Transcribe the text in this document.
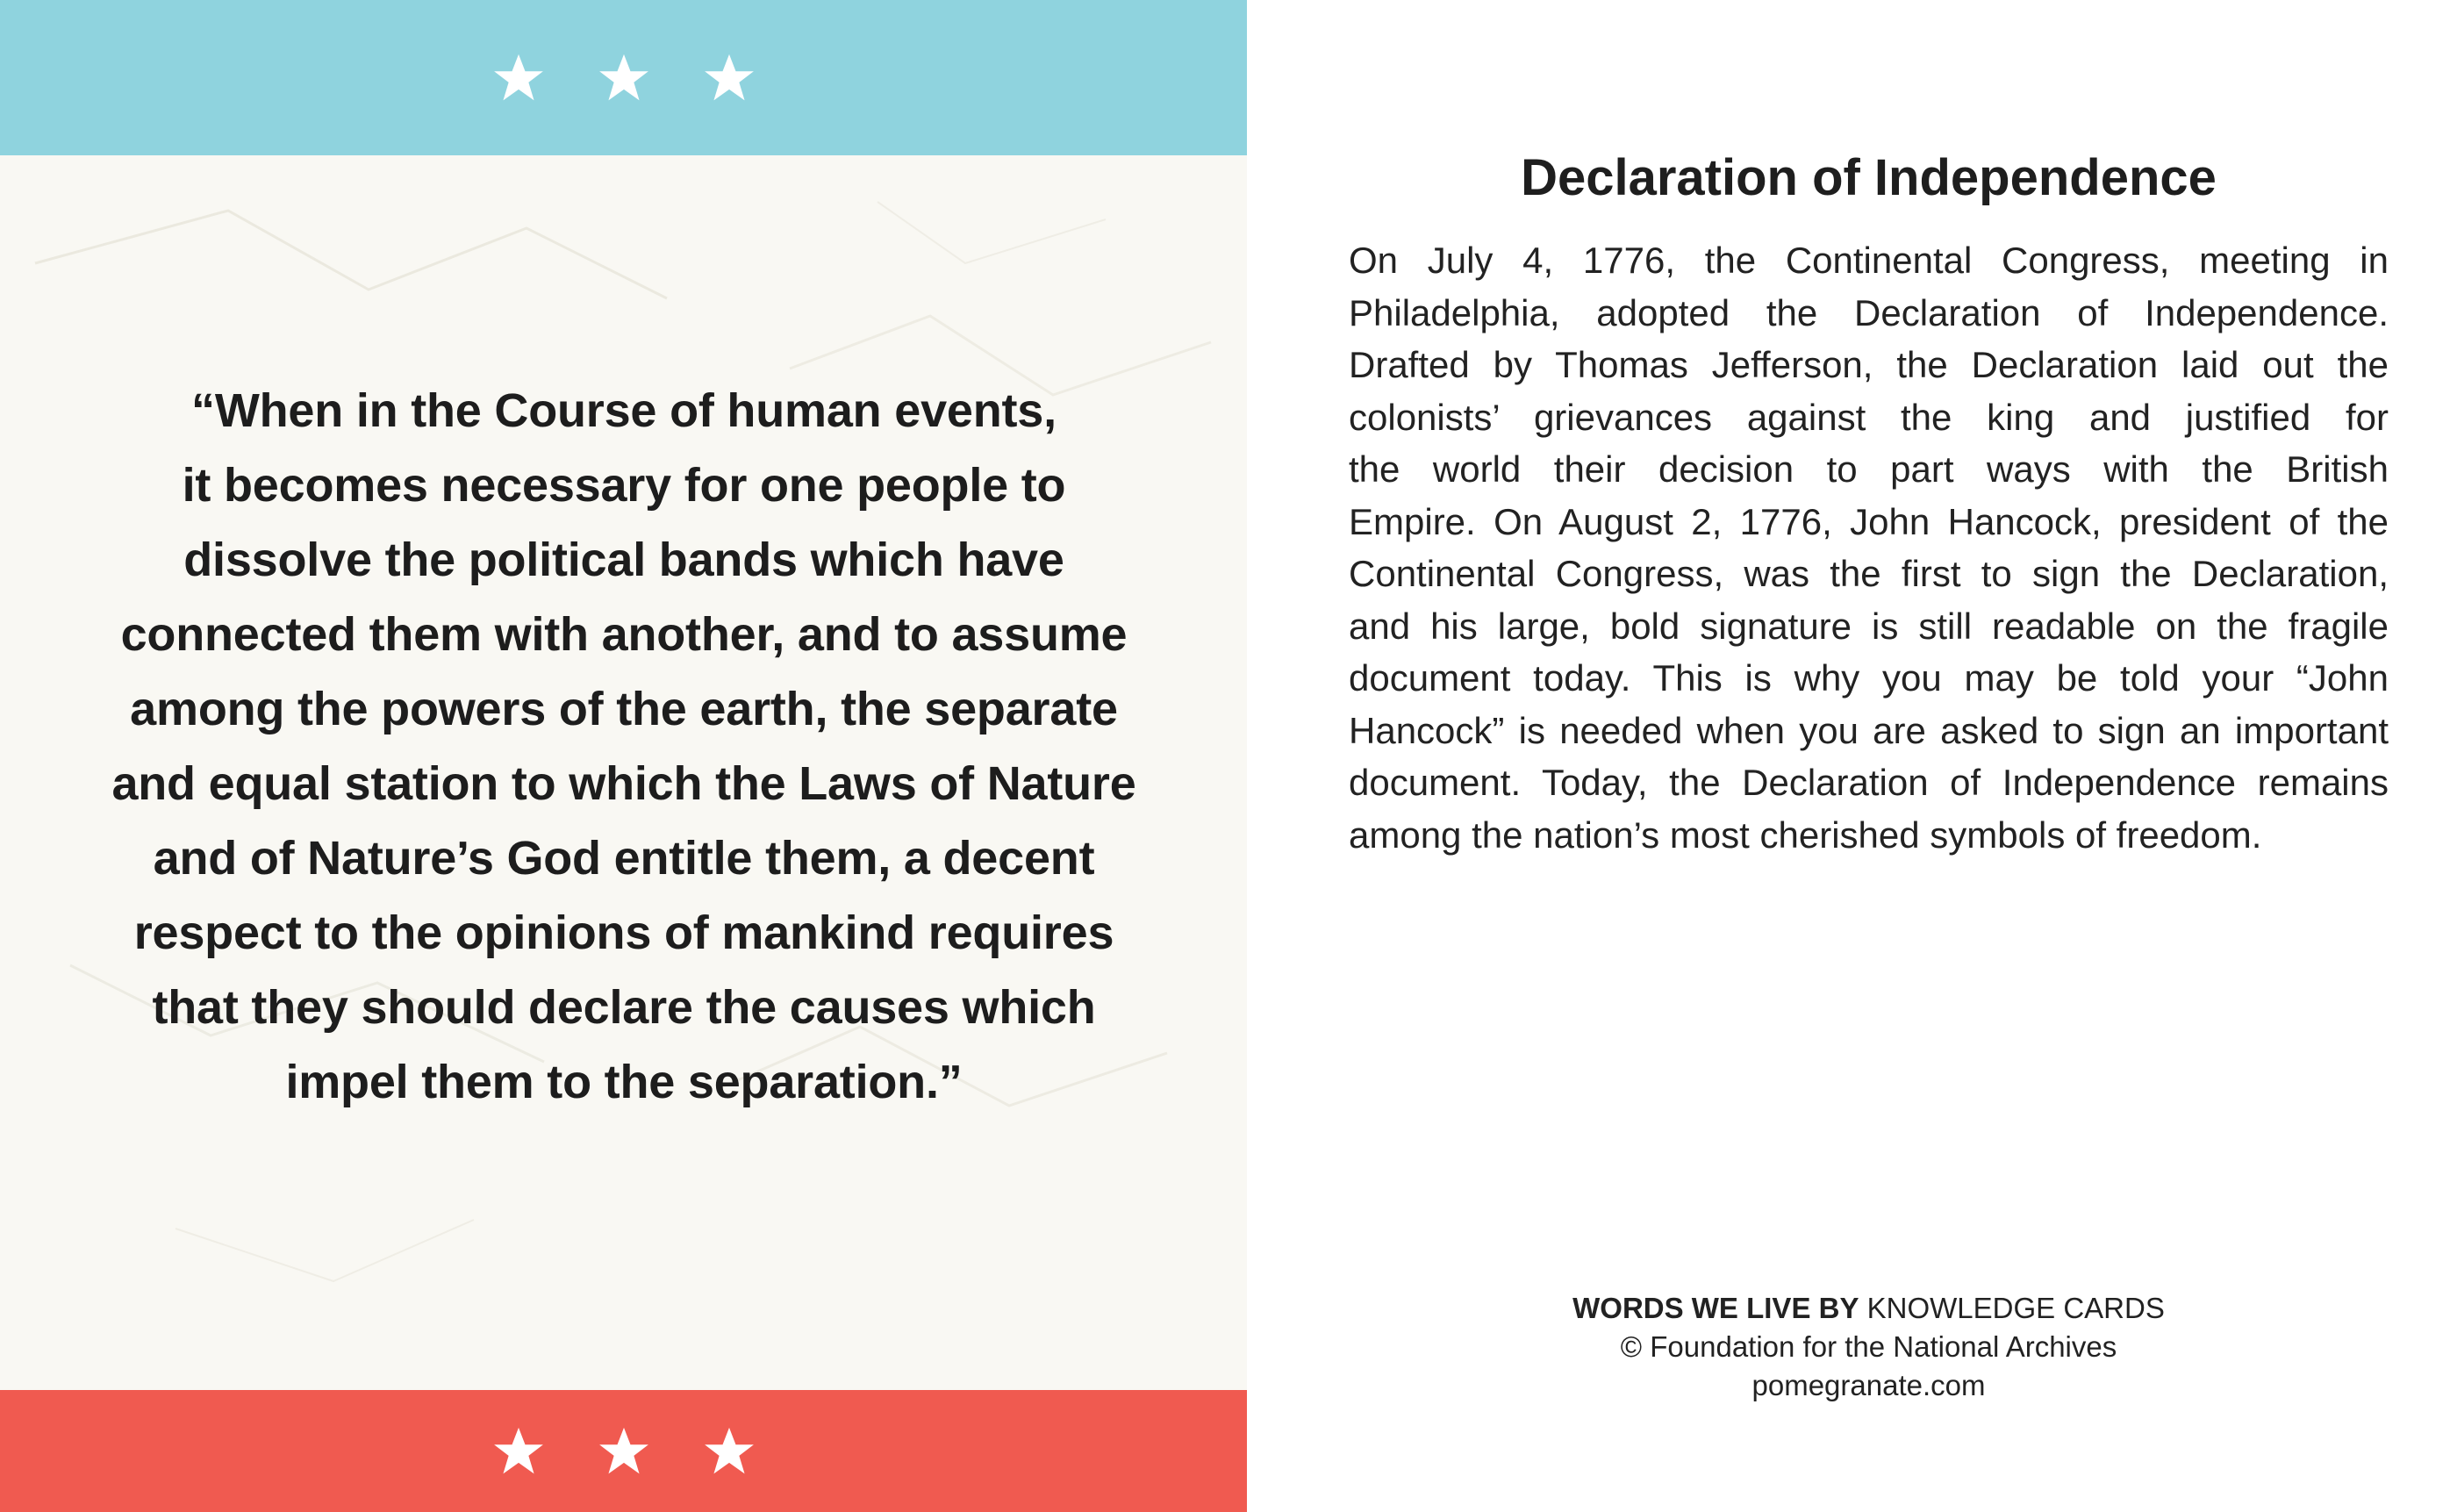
“When in the Course of human events,
it becomes necessary for one people to
dissolve the political bands which have
connected them with another, and to assume
among the powers of the earth, the separate
and equal station to which the Laws of Nature
and of Nature’s God entitle them, a decent
respect to the opinions of mankind requires
that they should declare the causes which
impel them to the separation.”

Declaration of Independence

On July 4, 1776, the Continental Congress, meeting in
Philadelphia, adopted the Declaration of Independence.
Drafted by Thomas Jefferson, the Declaration laid out the
colonists’ grievances against the king and justified for
the world their decision to part ways with the British
Empire. On August 2, 1776, John Hancock, president of the
Continental Congress, was the first to sign the Declaration,
and his large, bold signature is still readable on the fragile
document today. This is why you may be told your “John
Hancock” is needed when you are asked to sign an important
document. Today, the Declaration of Independence remains
among the nation’s most cherished symbols of freedom.

WORDS WE LIVE BY KNOWLEDGE CARDS
© Foundation for the National Archives
pomegranate.com
